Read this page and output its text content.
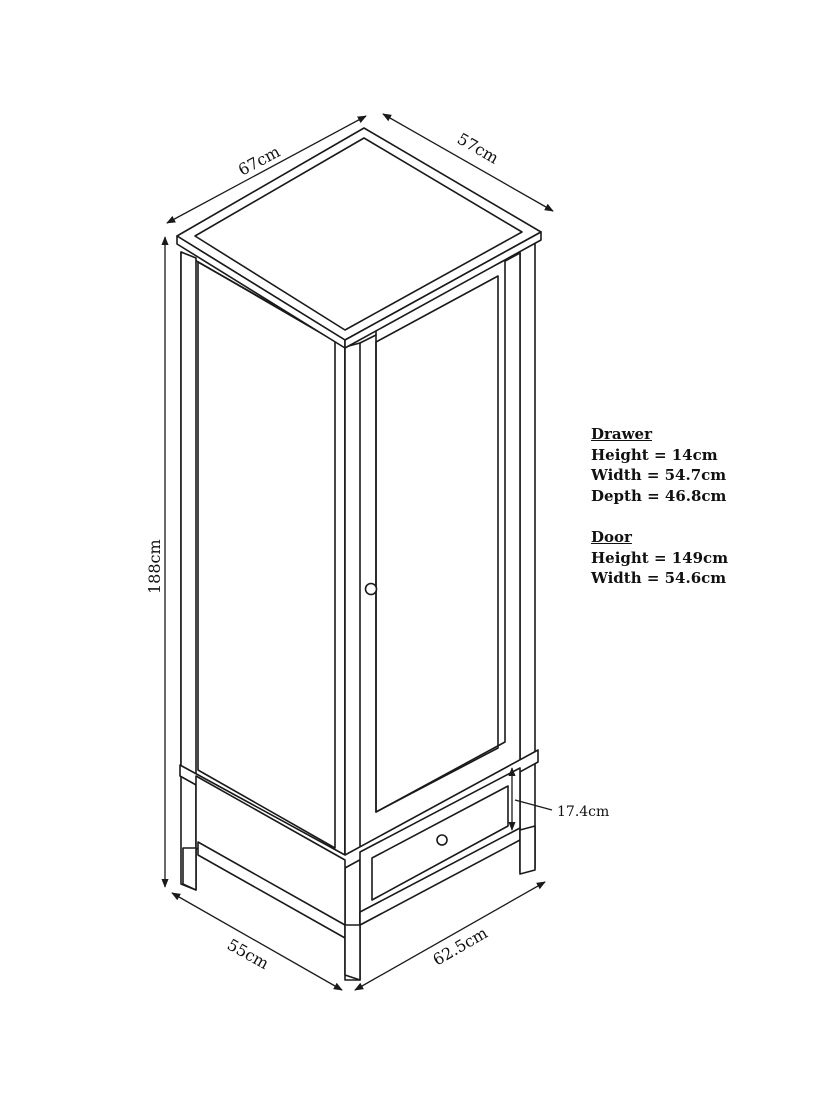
67cm	57cm
188cm
55cm	62.5cm
17.4cm
Drawer
Height = 14cm
Width = 54.7cm
Depth = 46.8cm
Door
Height = 149cm
Width = 54.6cm
